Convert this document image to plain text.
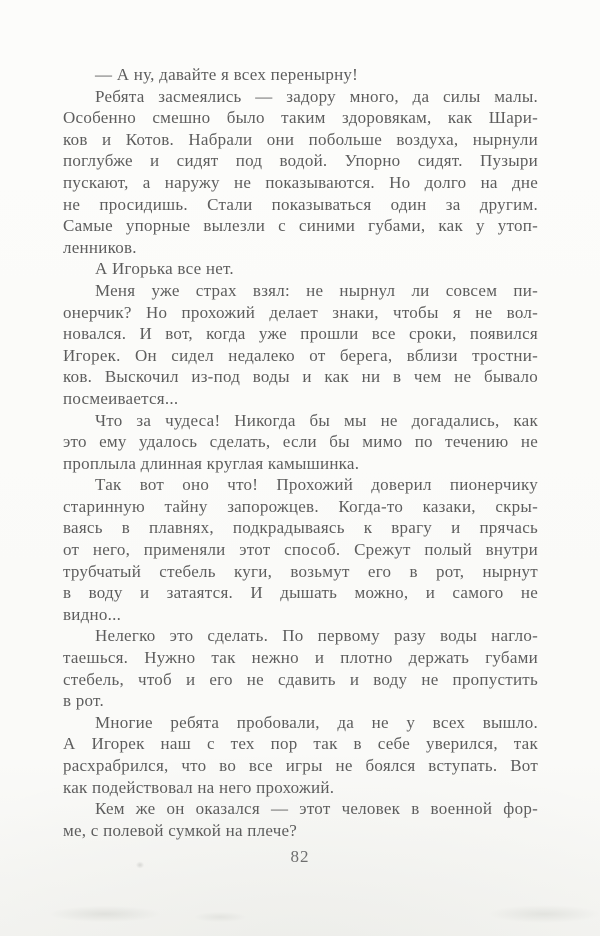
— А ну, давайте я всех перенырну!
Ребята засмеялись — задору много, да силы малы.
Особенно смешно было таким здоровякам, как Шари-
ков и Котов. Набрали они побольше воздуха, нырнули
поглубже и сидят под водой. Упорно сидят. Пузыри
пускают, а наружу не показываются. Но долго на дне
не просидишь. Стали показываться один за другим.
Самые упорные вылезли с синими губами, как у утоп-
ленников.
А Игорька все нет.
Меня уже страх взял: не нырнул ли совсем пи-
онерчик? Но прохожий делает знаки, чтобы я не вол-
новался. И вот, когда уже прошли все сроки, появился
Игорек. Он сидел недалеко от берега, вблизи тростни-
ков. Выскочил из-под воды и как ни в чем не бывало
посмеивается...
Что за чудеса! Никогда бы мы не догадались, как
это ему удалось сделать, если бы мимо по течению не
проплыла длинная круглая камышинка.
Так вот оно что! Прохожий доверил пионерчику
старинную тайну запорожцев. Когда-то казаки, скры-
ваясь в плавнях, подкрадываясь к врагу и прячась
от него, применяли этот способ. Срежут полый внутри
трубчатый стебель куги, возьмут его в рот, нырнут
в воду и затаятся. И дышать можно, и самого не
видно...
Нелегко это сделать. По первому разу воды нагло-
таешься. Нужно так нежно и плотно держать губами
стебель, чтоб и его не сдавить и воду не пропустить
в рот.
Многие ребята пробовали, да не у всех вышло.
А Игорек наш с тех пор так в себе уверился, так
расхрабрился, что во все игры не боялся вступать. Вот
как подействовал на него прохожий.
Кем же он оказался — этот человек в военной фор-
ме, с полевой сумкой на плече?
82
